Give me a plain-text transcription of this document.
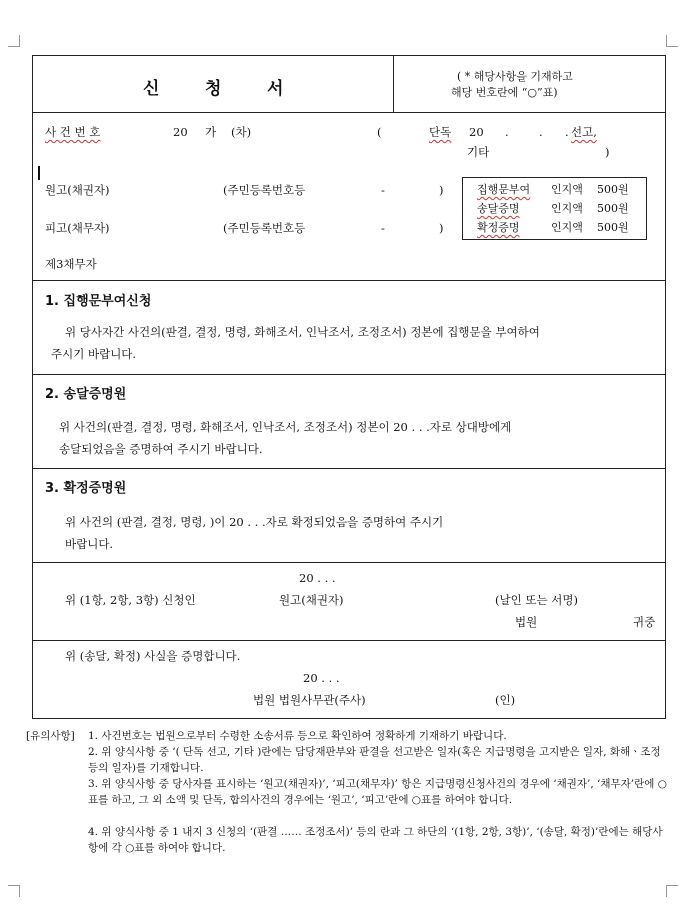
신	청	서
( * 해당사항을 기재하고
해당 번호란에 “○”표)
사 건 번 호	20 가 (차)	(	단독 20 .	. . 선고,
기타	)
원고(채권자)	(주민등록번호등	-	)
피고(채무자)	(주민등록번호등	-	)
제3채무자
집행문부여 인지액 500원
송달증명	인지액 500원
확정증명	인지액 500원
1. 집행문부여신청
위 당사자간 사건의(판결, 결정, 명령, 화해조서, 인낙조서, 조정조서) 정본에 집행문을 부여하여
주시기 바랍니다.
2. 송달증명원
위 사건의(판결, 결정, 명령, 화해조서, 인낙조서, 조정조서) 정본이 20 . . .자로 상대방에게
송달되었음을 증명하여 주시기 바랍니다.
3. 확정증명원
위 사건의 (판결, 결정, 명령, )이 20 . . .자로 확정되었음을 증명하여 주시기
바랍니다.
20 . . .
위 (1항, 2항, 3항) 신청인	원고(채권자)	(날인 또는 서명)
법원	귀중
위 (송달, 확정) 사실을 증명합니다.
20 . . .
법원 법원사무관(주사)	(인)
[유의사항] 1. 사건번호는 법원으로부터 수령한 소송서류 등으로 확인하여 정확하게 기재하기 바랍니다.
2. 위 양식사항 중 ‘( 단독 선고, 기타 )란에는 담당재판부와 판결을 선고받은 일자(혹은 지급명령을 고지받은 일자, 화해ㆍ조정 등의 일자)를 기재합니다.
3. 위 양식사항 중 당사자를 표시하는 ‘원고(채권자)’, ‘피고(채무자)’ 항은 지급명령신청사건의 경우에 ‘채권자’, ‘채무자’란에 ○표를 하고, 그 외 소액 및 단독, 합의사건의 경우에는 ‘원고’, ‘피고’란에 ○표를 하여야 합니다.
4. 위 양식사항 중 1 내지 3 신청의 ‘(판결 …… 조정조서)’ 등의 란과 그 하단의 ‘(1항, 2항, 3항)’, ‘(송달, 확정)’란에는 해당사항에 각 ○표를 하여야 합니다.
